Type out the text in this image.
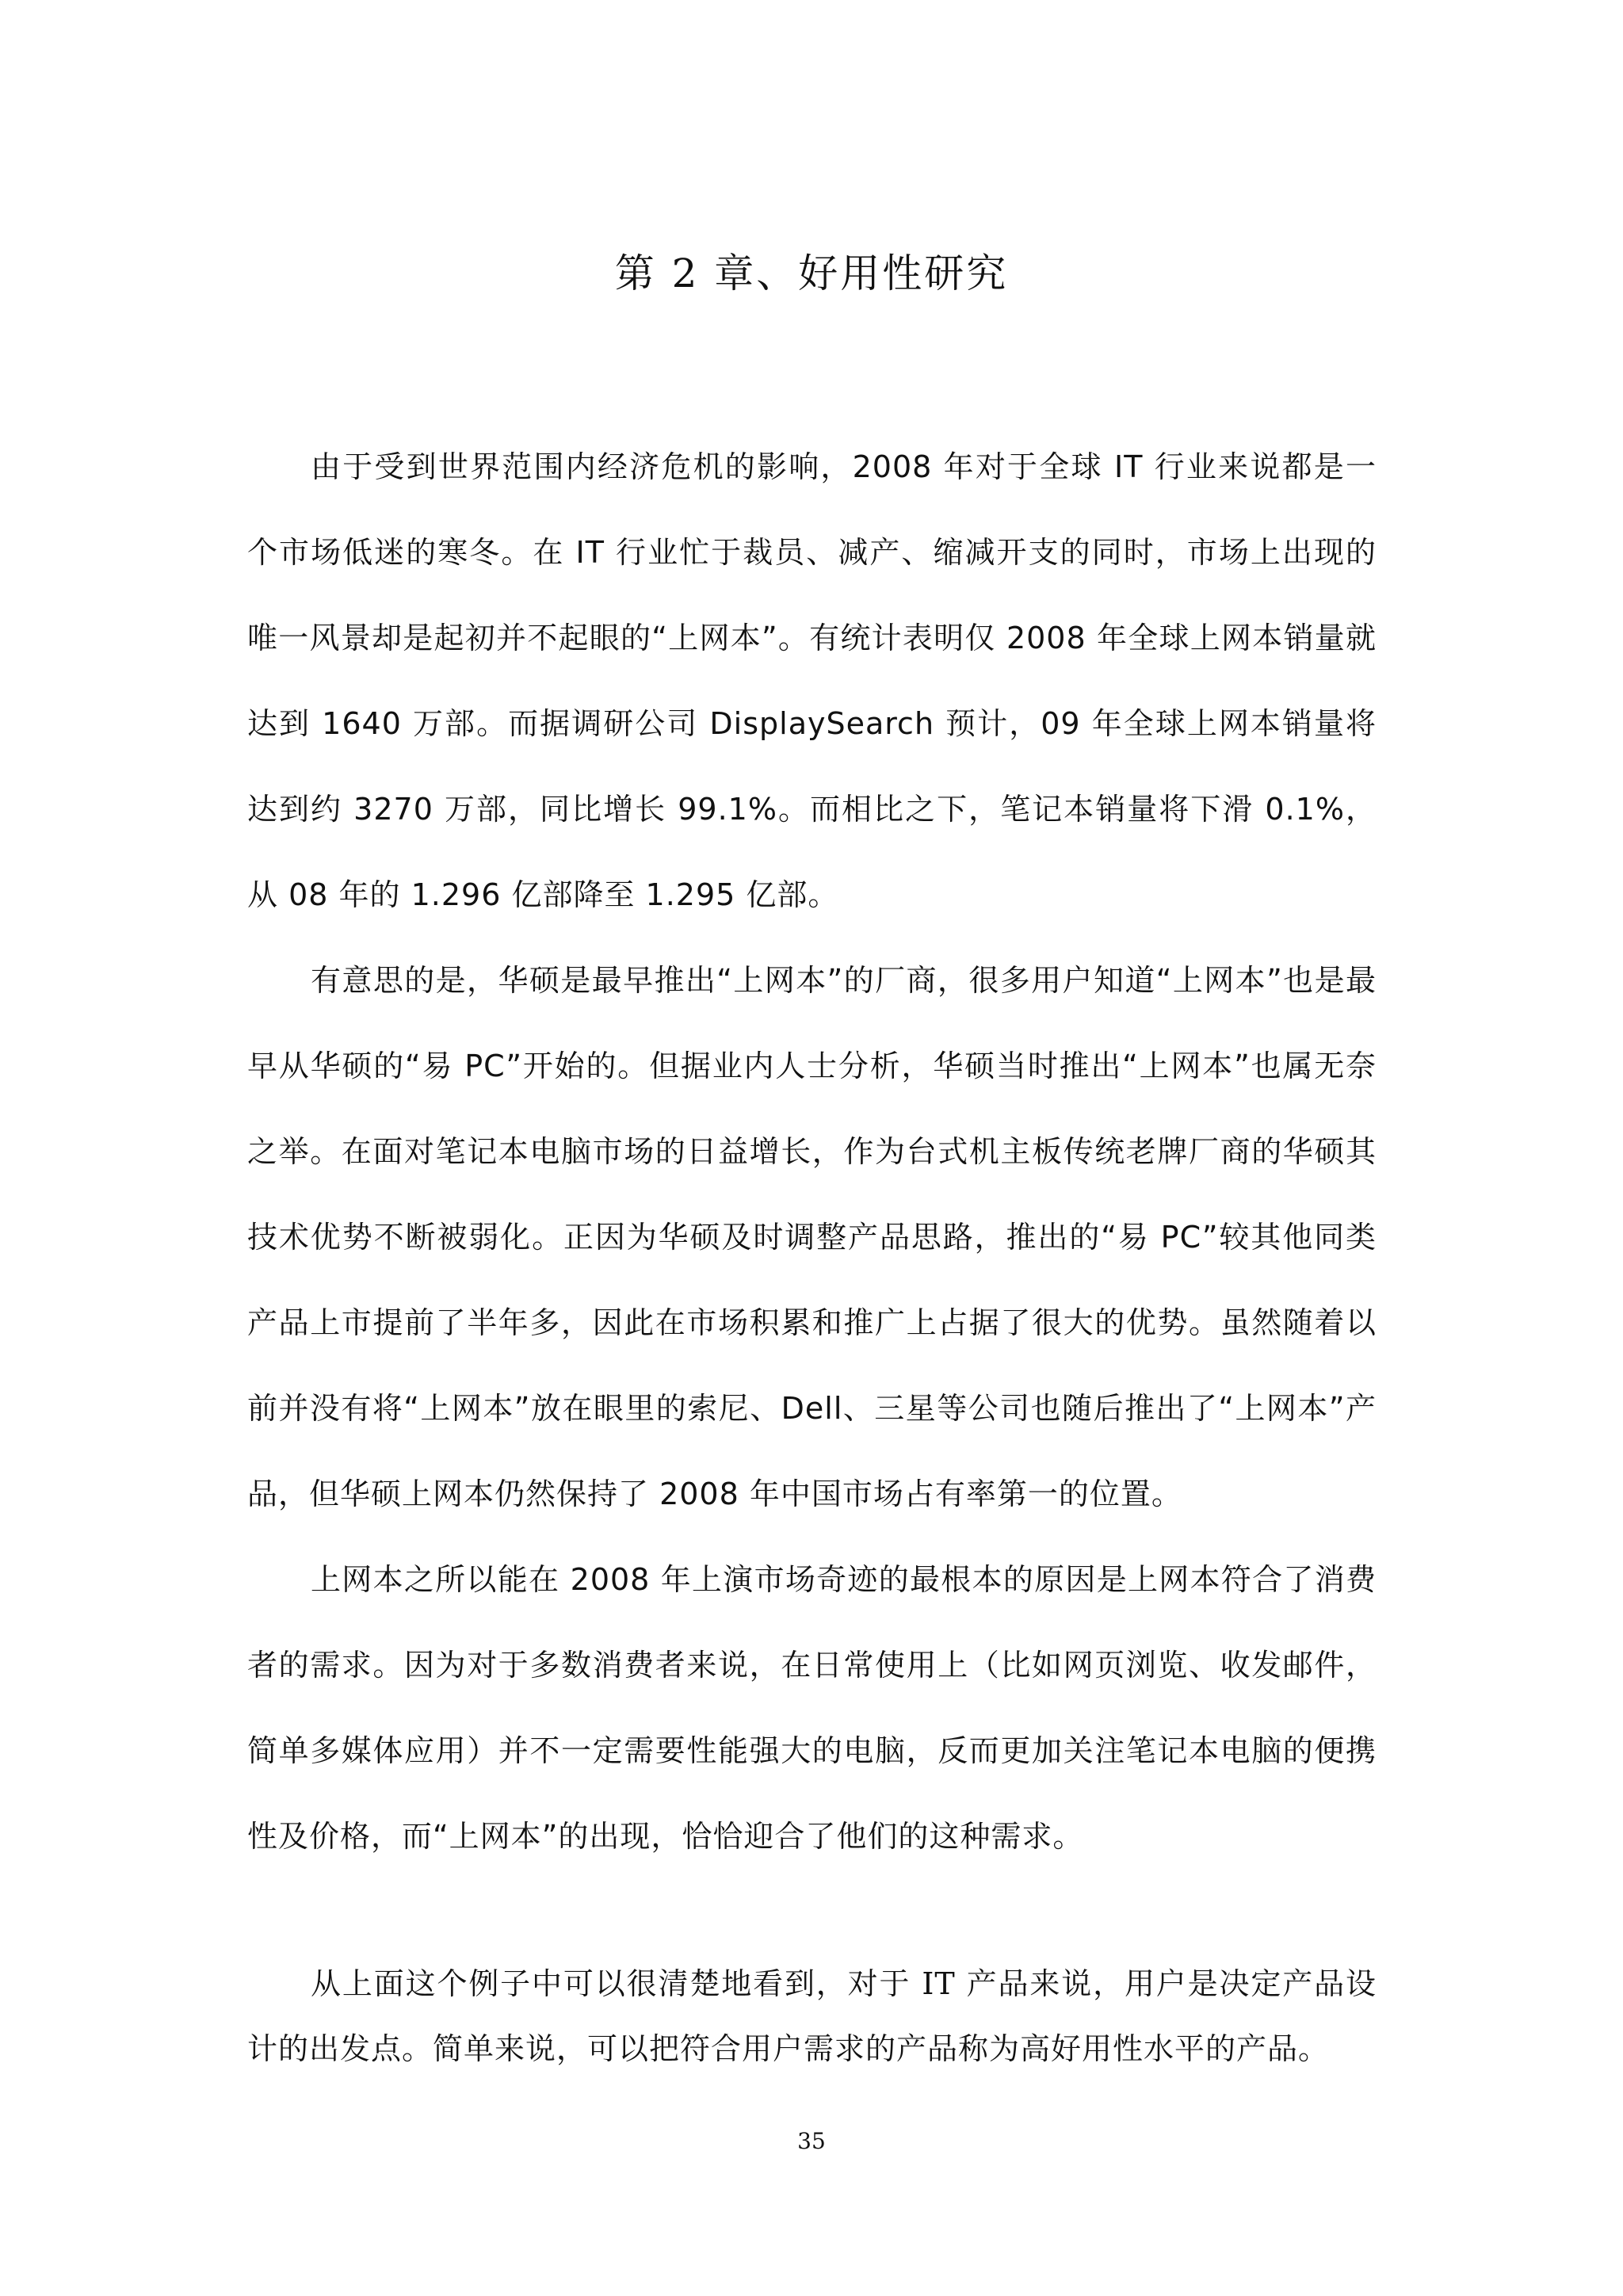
第 2 章、好用性研究

由于受到世界范围内经济危机的影响，2008 年对于全球 IT 行业来说都是一个市场低迷的寒冬。在 IT 行业忙于裁员、减产、缩减开支的同时，市场上出现的唯一风景却是起初并不起眼的“上网本”。有统计表明仅 2008 年全球上网本销量就达到 1640 万部。而据调研公司 DisplaySearch 预计，09 年全球上网本销量将达到约 3270 万部，同比增长 99.1%。而相比之下，笔记本销量将下滑 0.1%，从 08 年的 1.296 亿部降至 1.295 亿部。

有意思的是，华硕是最早推出“上网本”的厂商，很多用户知道“上网本”也是最早从华硕的“易 PC”开始的。但据业内人士分析，华硕当时推出“上网本”也属无奈之举。在面对笔记本电脑市场的日益增长，作为台式机主板传统老牌厂商的华硕其技术优势不断被弱化。正因为华硕及时调整产品思路，推出的“易 PC”较其他同类产品上市提前了半年多，因此在市场积累和推广上占据了很大的优势。虽然随着以前并没有将“上网本”放在眼里的索尼、Dell、三星等公司也随后推出了“上网本”产品，但华硕上网本仍然保持了 2008 年中国市场占有率第一的位置。

上网本之所以能在 2008 年上演市场奇迹的最根本的原因是上网本符合了消费者的需求。因为对于多数消费者来说，在日常使用上（比如网页浏览、收发邮件，简单多媒体应用）并不一定需要性能强大的电脑，反而更加关注笔记本电脑的便携性及价格，而“上网本”的出现，恰恰迎合了他们的这种需求。

从上面这个例子中可以很清楚地看到，对于 IT 产品来说，用户是决定产品设计的出发点。简单来说，可以把符合用户需求的产品称为高好用性水平的产品。

35
